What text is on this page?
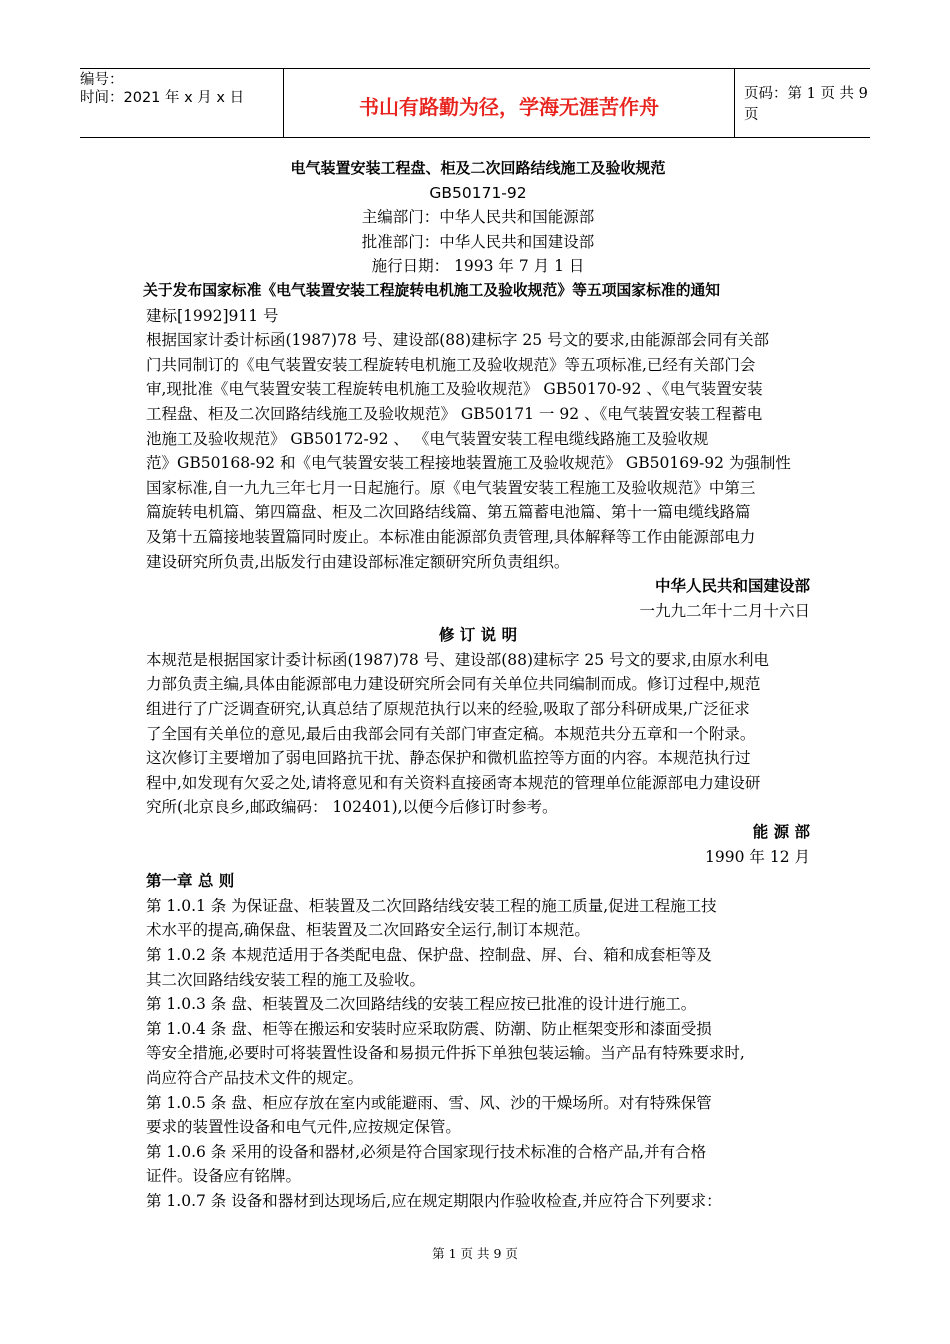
编号：
时间：2021 年 x 月 x 日	书山有路勤为径，学海无涯苦作舟
页码：第 1 页 共 9 页
电气装置安装工程盘、柜及二次回路结线施工及验收规范
GB50171-92
主编部门：中华人民共和国能源部
批准部门：中华人民共和国建设部
施行日期： 1993 年 7 月 1 日
关于发布国家标准《电气装置安装工程旋转电机施工及验收规范》等五项国家标准的通知
建标[1992]911 号
根据国家计委计标函(1987)78 号、建设部(88)建标字 25 号文的要求,由能源部会同有关部
门共同制订的《电气装置安装工程旋转电机施工及验收规范》等五项标准,已经有关部门会
审,现批准《电气装置安装工程旋转电机施工及验收规范》 GB50170-92 、《电气装置安装
工程盘、柜及二次回路结线施工及验收规范》 GB50171 一 92 、《电气装置安装工程蓄电
池施工及验收规范》 GB50172-92 、 《电气装置安装工程电缆线路施工及验收规
范》GB50168-92 和《电气装置安装工程接地装置施工及验收规范》 GB50169-92 为强制性
国家标准,自一九九三年七月一日起施行。原《电气装置安装工程施工及验收规范》中第三
篇旋转电机篇、第四篇盘、柜及二次回路结线篇、第五篇蓄电池篇、第十一篇电缆线路篇
及第十五篇接地装置篇同时废止。本标准由能源部负责管理,具体解释等工作由能源部电力
建设研究所负责,出版发行由建设部标准定额研究所负责组织。
中华人民共和国建设部
一九九二年十二月十六日
修 订 说 明
本规范是根据国家计委计标函(1987)78 号、建设部(88)建标字 25 号文的要求,由原水利电
力部负责主编,具体由能源部电力建设研究所会同有关单位共同编制而成。修订过程中,规范
组进行了广泛调查研究,认真总结了原规范执行以来的经验,吸取了部分科研成果,广泛征求
了全国有关单位的意见,最后由我部会同有关部门审查定稿。本规范共分五章和一个附录。
这次修订主要增加了弱电回路抗干扰、静态保护和微机监控等方面的内容。本规范执行过
程中,如发现有欠妥之处,请将意见和有关资料直接函寄本规范的管理单位能源部电力建设研
究所(北京良乡,邮政编码： 102401),以便今后修订时参考。
能 源 部
1990 年 12 月
第一章 总 则
第 1.0.1 条 为保证盘、柜装置及二次回路结线安装工程的施工质量,促进工程施工技
术水平的提高,确保盘、柜装置及二次回路安全运行,制订本规范。
第 1.0.2 条 本规范适用于各类配电盘、保护盘、控制盘、屏、台、箱和成套柜等及
其二次回路结线安装工程的施工及验收。
第 1.0.3 条 盘、柜装置及二次回路结线的安装工程应按已批准的设计进行施工。
第 1.0.4 条 盘、柜等在搬运和安装时应采取防震、防潮、防止框架变形和漆面受损
等安全措施,必要时可将装置性设备和易损元件拆下单独包装运输。当产品有特殊要求时,
尚应符合产品技术文件的规定。
第 1.0.5 条 盘、柜应存放在室内或能避雨、雪、风、沙的干燥场所。对有特殊保管
要求的装置性设备和电气元件,应按规定保管。
第 1.0.6 条 采用的设备和器材,必须是符合国家现行技术标准的合格产品,并有合格
证件。设备应有铭牌。
第 1.0.7 条 设备和器材到达现场后,应在规定期限内作验收检查,并应符合下列要求：
第 1 页 共 9 页
